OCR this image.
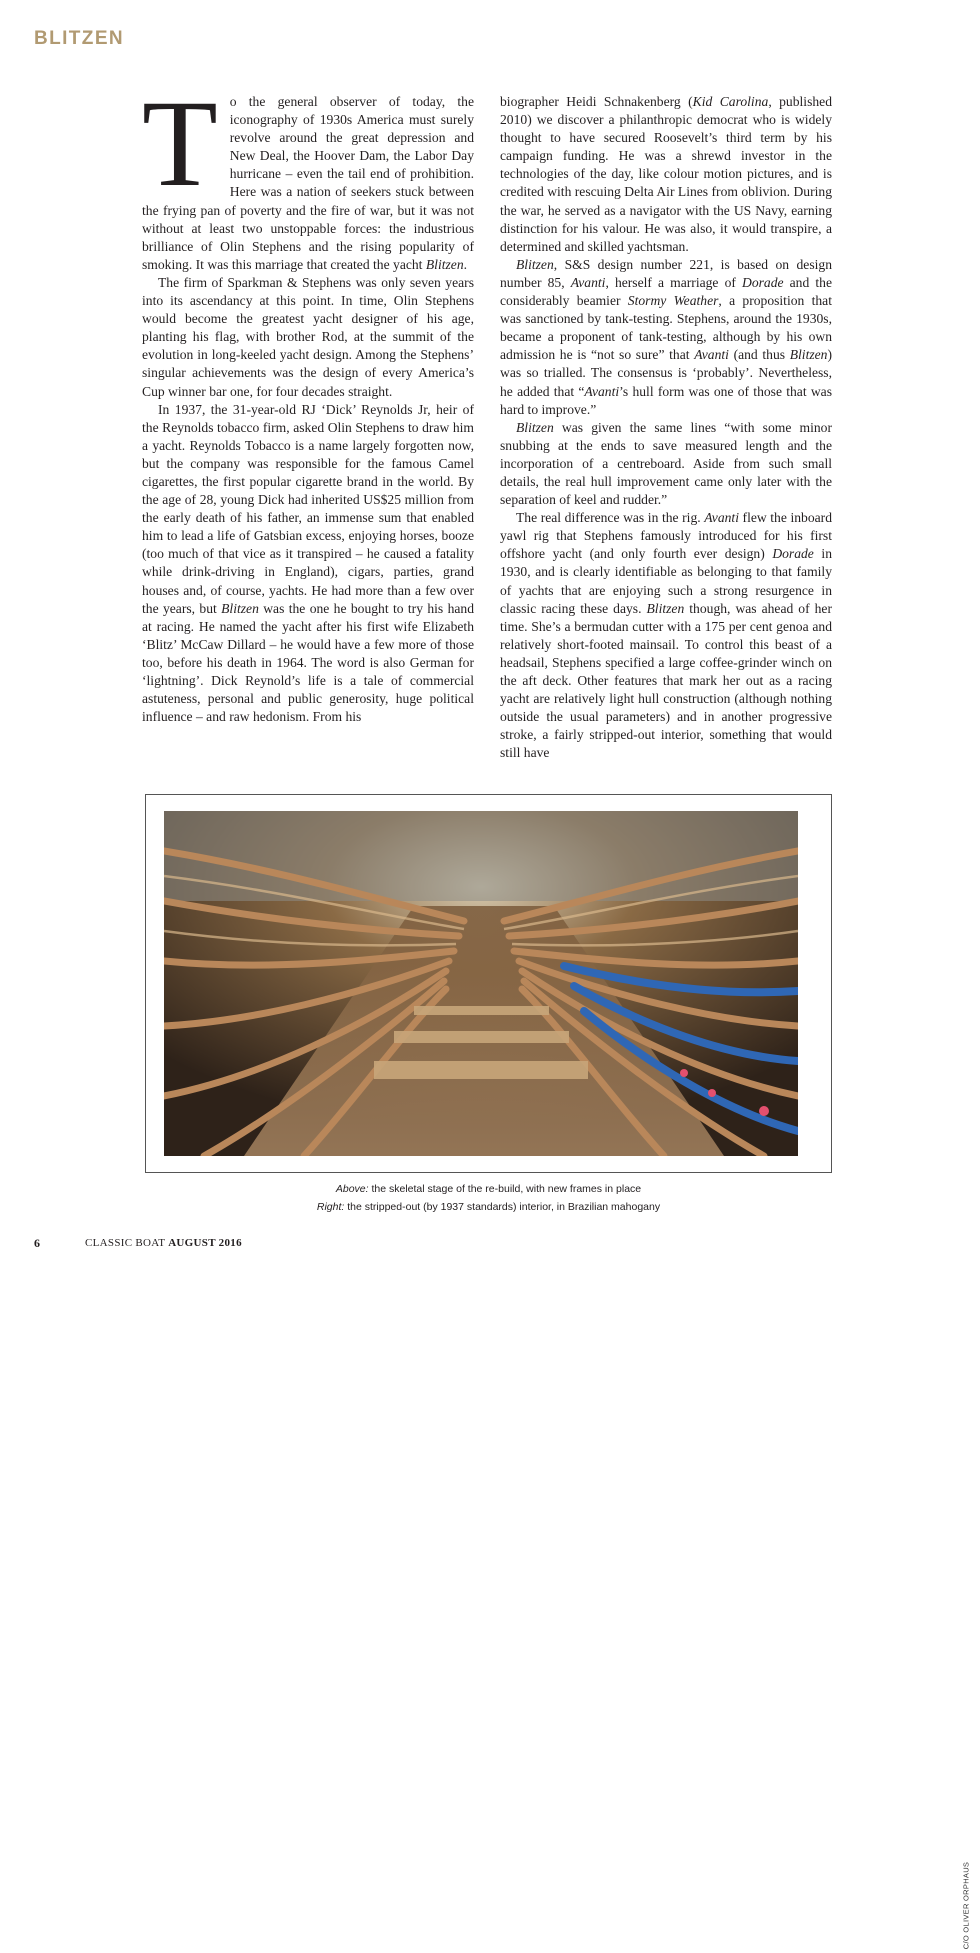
BLITZEN
T o the general observer of today, the iconography of 1930s America must surely revolve around the great depression and New Deal, the Hoover Dam, the Labor Day hurricane – even the tail end of prohibition. Here was a nation of seekers stuck between the frying pan of poverty and the fire of war, but it was not without at least two unstoppable forces: the industrious brilliance of Olin Stephens and the rising popularity of smoking. It was this marriage that created the yacht Blitzen.

The firm of Sparkman & Stephens was only seven years into its ascendancy at this point. In time, Olin Stephens would become the greatest yacht designer of his age, planting his flag, with brother Rod, at the summit of the evolution in long-keeled yacht design. Among the Stephens’ singular achievements was the design of every America’s Cup winner bar one, for four decades straight.

In 1937, the 31-year-old RJ ‘Dick’ Reynolds Jr, heir of the Reynolds tobacco firm, asked Olin Stephens to draw him a yacht. Reynolds Tobacco is a name largely forgotten now, but the company was responsible for the famous Camel cigarettes, the first popular cigarette brand in the world. By the age of 28, young Dick had inherited US$25 million from the early death of his father, an immense sum that enabled him to lead a life of Gatsbian excess, enjoying horses, booze (too much of that vice as it transpired – he caused a fatality while drink-driving in England), cigars, parties, grand houses and, of course, yachts. He had more than a few over the years, but Blitzen was the one he bought to try his hand at racing. He named the yacht after his first wife Elizabeth ‘Blitz’ McCaw Dillard – he would have a few more of those too, before his death in 1964. The word is also German for ‘lightning’. Dick Reynold’s life is a tale of commercial astuteness, personal and public generosity, huge political influence – and raw hedonism. From his

biographer Heidi Schnakenberg (Kid Carolina, published 2010) we discover a philanthropic democrat who is widely thought to have secured Roosevelt’s third term by his campaign funding. He was a shrewd investor in the technologies of the day, like colour motion pictures, and is credited with rescuing Delta Air Lines from oblivion. During the war, he served as a navigator with the US Navy, earning distinction for his valour. He was also, it would transpire, a determined and skilled yachtsman.

Blitzen, S&S design number 221, is based on design number 85, Avanti, herself a marriage of Dorade and the considerably beamier Stormy Weather, a proposition that was sanctioned by tank-testing. Stephens, around the 1930s, became a proponent of tank-testing, although by his own admission he is “not so sure” that Avanti (and thus Blitzen) was so trialled. The consensus is ‘probably’. Nevertheless, he added that “Avanti’s hull form was one of those that was hard to improve.”

Blitzen was given the same lines “with some minor snubbing at the ends to save measured length and the incorporation of a centreboard. Aside from such small details, the real hull improvement came only later with the separation of keel and rudder.”

The real difference was in the rig. Avanti flew the inboard yawl rig that Stephens famously introduced for his first offshore yacht (and only fourth ever design) Dorade in 1930, and is clearly identifiable as belonging to that family of yachts that are enjoying such a strong resurgence in classic racing these days. Blitzen though, was ahead of her time. She’s a bermudan cutter with a 175 per cent genoa and relatively short-footed mainsail. To control this beast of a headsail, Stephens specified a large coffee-grinder winch on the aft deck. Other features that mark her out as a racing yacht are relatively light hull construction (although nothing outside the usual parameters) and in another progressive stroke, a fairly stripped-out interior, something that would still have

C/O OLIVER ORPHAUS
Above: the skeletal stage of the re-build, with new frames in place
Right: the stripped-out (by 1937 standards) interior, in Brazilian mahogany
6	CLASSIC BOAT AUGUST 2016
